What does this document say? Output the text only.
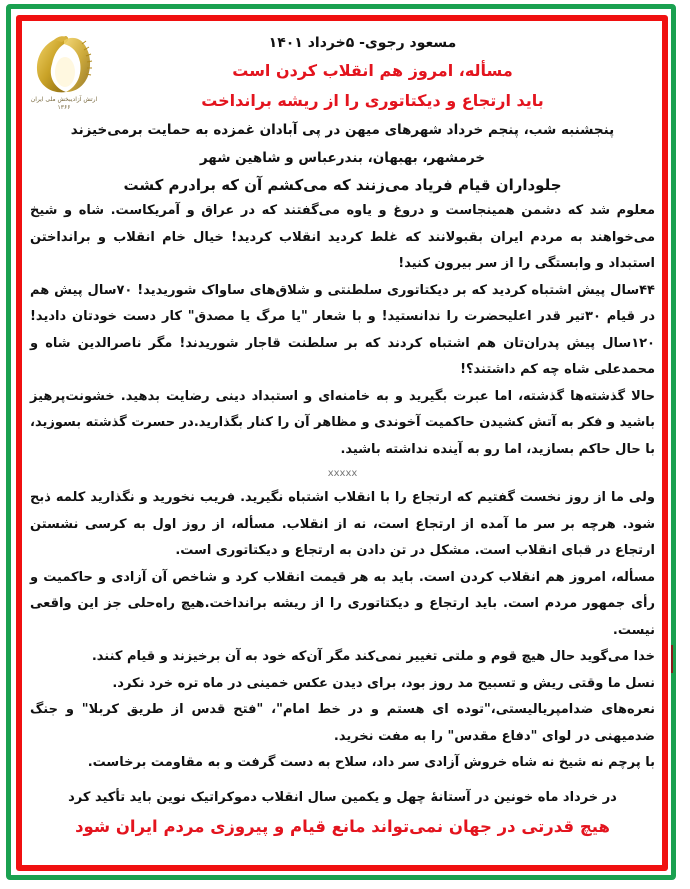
ارتش آزادیبخش ملی ایران
۱۳۶۶
مسعود رجوی- ۵خرداد ۱۴۰۱
مسأله، امروز هم انقلاب کردن است
باید ارتجاع و دیکتاتوری را از ریشه برانداخت
پنجشنبه شب، پنجم خرداد شهرهای میهن در پی آبادان غمزده به حمایت برمی‌خیزند
خرمشهر، بهبهان، بندرعباس و شاهین شهر
جلوداران قیام فریاد می‌زنند که می‌کشم آن که برادرم کشت

معلوم شد که دشمن همینجاست و دروغ و یاوه می‌گفتند که در عراق و آمریکاست. شاه و شیخ می‌خواهند به مردم ایران بقبولانند که غلط کردید انقلاب کردید! خیال خام انقلاب و برانداختن استبداد و وابستگی را از سر بیرون کنید!

۴۴سال پیش اشتباه کردید که بر دیکتاتوری سلطنتی و شلاق‌های ساواک شوریدید! ۷۰سال پیش هم در قیام ۳۰تیر قدر اعلیحضرت را ندانستید! و با شعار "یا مرگ یا مصدق" کار دست خودتان دادید! ۱۲۰سال پیش پدران‌تان هم اشتباه کردند که بر سلطنت قاجار شوریدند! مگر ناصرالدین شاه و محمدعلی شاه چه کم داشتند؟!

حالا گذشته‌ها گذشته، اما عبرت بگیرید و به خامنه‌ای و استبداد دینی رضایت بدهید. خشونت‌پرهیز باشید و فکر به آتش کشیدن حاکمیت آخوندی و مظاهر آن را کنار بگذارید.در حسرت گذشته بسوزید، با حال حاکم بسازید، اما رو به آینده نداشته باشید.

xxxxx

ولی ما از روز نخست گفتیم که ارتجاع را با انقلاب اشتباه نگیرید. فریب نخورید و نگذارید کلمه ذبح شود. هرچه بر سر ما آمده از ارتجاع است، نه از انقلاب. مسأله، از روز اول به کرسی نشستن ارتجاع در قبای انقلاب است. مشکل در تن دادن به ارتجاع و دیکتاتوری است.

مسأله، امروز هم انقلاب کردن است. باید به هر قیمت انقلاب کرد و شاخص آن آزادی و حاکمیت و رأی جمهور مردم است. باید ارتجاع و دیکتاتوری را از ریشه برانداخت.هیچ راه‌حلی جز این واقعی نیست.

خدا می‌گوید حال هیچ قوم و ملتی تغییر نمی‌کند مگر آن‌که خود به آن برخیزند و قیام کنند.

نسل ما وقتی ریش و تسبیح مد روز بود، برای دیدن عکس خمینی در ماه تره خرد نکرد.

نعره‌های ضدامپریالیستی،"توده ای هستم و در خط امام"، "فتح قدس از طریق کربلا" و جنگ ضدمیهنی در لوای "دفاع مقدس" را به مفت نخرید.

با پرچم نه شیخ نه شاه خروش آزادی سر داد، سلاح به دست گرفت و به مقاومت برخاست.

در خرداد ماه خونین در آستانهٔ چهل و یکمین سال انقلاب دموکراتیک نوین باید تأکید کرد
هیچ قدرتی در جهان نمی‌تواند مانع قیام و پیروزی مردم ایران شود
